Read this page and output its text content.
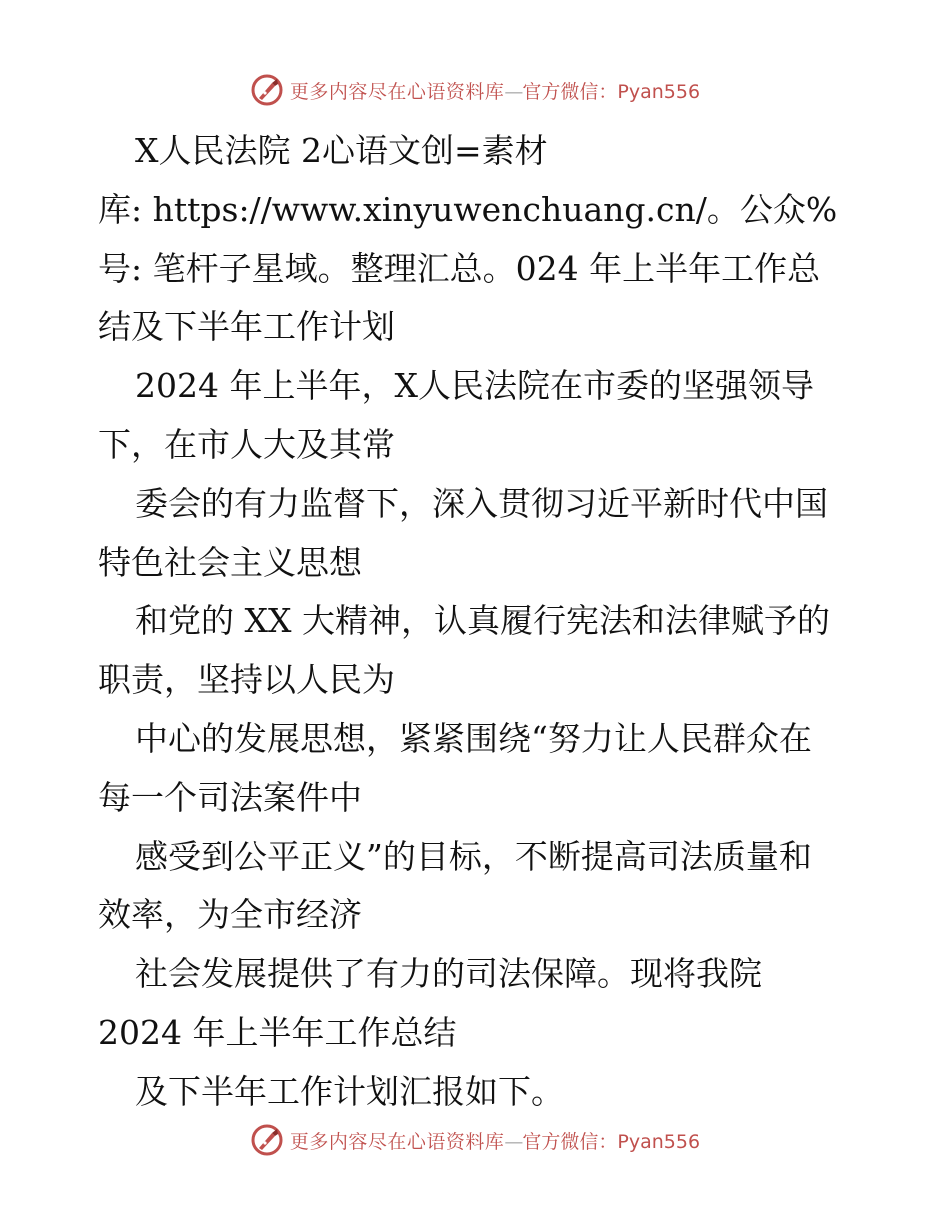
更多内容尽在心语资料库—官方微信：Pyan556
X人民法院 2心语文创=素材
库: https://www.xinyuwenchuang.cn/。公众%
号: 笔杆子星域。整理汇总。024 年上半年工作总
结及下半年工作计划
2024 年上半年，X人民法院在市委的坚强领导
下，在市人大及其常
委会的有力监督下，深入贯彻习近平新时代中国
特色社会主义思想
和党的 XX 大精神，认真履行宪法和法律赋予的
职责，坚持以人民为
中心的发展思想，紧紧围绕“努力让人民群众在
每一个司法案件中
感受到公平正义”的目标，不断提高司法质量和
效率，为全市经济
社会发展提供了有力的司法保障。现将我院
2024 年上半年工作总结
及下半年工作计划汇报如下。
更多内容尽在心语资料库—官方微信：Pyan556
